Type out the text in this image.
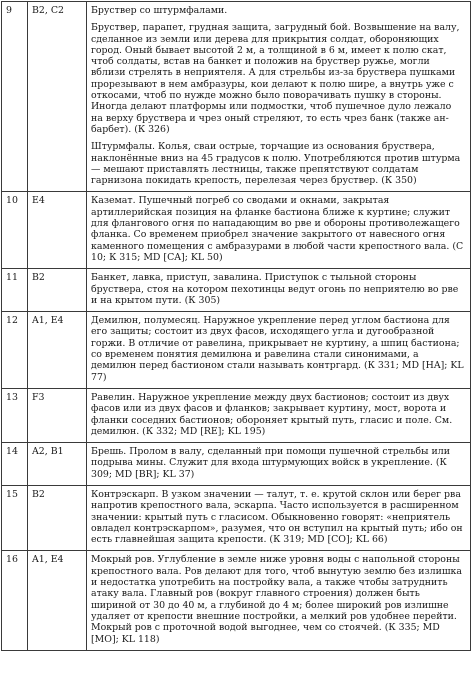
9	B2, C2	Бруствер со штурмфалами.

Бруствер, парапет, грудная защита, загрудный бой. Возвышение на валу, сделанное из земли или дерева для прикрытия солдат, обороняющих город. Оный бывает высотой 2 м, а толщиной в 6 м, имеет к полю скат, чтоб солдаты, встав на банкет и положив на бруствер ружье, могли вблизи стрелять в неприятеля. А для стрельбы из-за бруствера пушками прорезывают в нем амбразуры, кои делают к полю шире, а внутрь уже с откосами, чтоб по нужде можно было поворачивать пушку в стороны. Иногда делают платформы или подмостки, чтоб пушечное дуло лежало на верху бруствера и чрез оный стреляют, то есть чрез банк (также ан-барбет). (К 326)

Штурмфалы. Колья, сваи острые, торчащие из основания бруствера, наклонённые вниз на 45 градусов к полю. Употребляются против штурма — мешают приставлять лестницы, также препятствуют солдатам гарнизона покидать крепость, перелезая через бруствер. (К 350)

10	E4	Каземат. Пушечный погреб со сводами и окнами, закрытая артиллерийская позиция на фланке бастиона ближе к куртине; служит для флангового огня по нападающим во рве и обороны противолежащего фланка. Со временем приобрел значение закрытого от навесного огня каменного помещения с амбразурами в любой части крепостного вала. (С 10; К 315; MD [CA]; KL 50)

11	B2	Банкет, лавка, приступ, завалина. Приступок с тыльной стороны бруствера, стоя на котором пехотинцы ведут огонь по неприятелю во рве и на крытом пути. (К 305)

12	A1, E4	Демилюн, полумесяц. Наружное укрепление перед углом бастиона для его защиты; состоит из двух фасов, исходящего угла и дугообразной горжи. В отличие от равелина, прикрывает не куртину, а шпиц бастиона; со временем понятия демилюна и равелина стали синонимами, а демилюн перед бастионом стали называть контргард. (К 331; MD [HA]; KL 77)

13	F3	Равелин. Наружное укрепление между двух бастионов; состоит из двух фасов или из двух фасов и фланков; закрывает куртину, мост, ворота и фланки соседних бастионов; обороняет крытый путь, гласис и поле. См. демилюн. (К 332; MD [RE]; KL 195)

14	A2, B1	Брешь. Пролом в валу, сделанный при помощи пушечной стрельбы или подрыва мины. Служит для входа штурмующих войск в укрепление. (К 309; MD [BR]; KL 37)

15	B2	Контрэскарп. В узком значении — талут, т. е. крутой склон или берег рва напротив крепостного вала, эскарпа. Часто используется в расширенном значении: крытый путь с гласисом. Обыкновенно говорят: «неприятель овладел контрэскарпом», разумея, что он вступил на крытый путь; ибо он есть главнейшая защита крепости. (К 319; MD [CO]; KL 66)

16	A1, E4	Мокрый ров. Углубление в земле ниже уровня воды с напольной стороны крепостного вала. Ров делают для того, чтоб вынутую землю без излишка и недостатка употребить на постройку вала, а также чтобы затруднить атаку вала. Главный ров (вокруг главного строения) должен быть шириной от 30 до 40 м, а глубиной до 4 м; более широкий ров излишне удаляет от крепости внешние постройки, а мелкий ров удобнее перейти. Мокрый ров с проточной водой выгоднее, чем со стоячей. (К 335; MD [MO]; KL 118)
